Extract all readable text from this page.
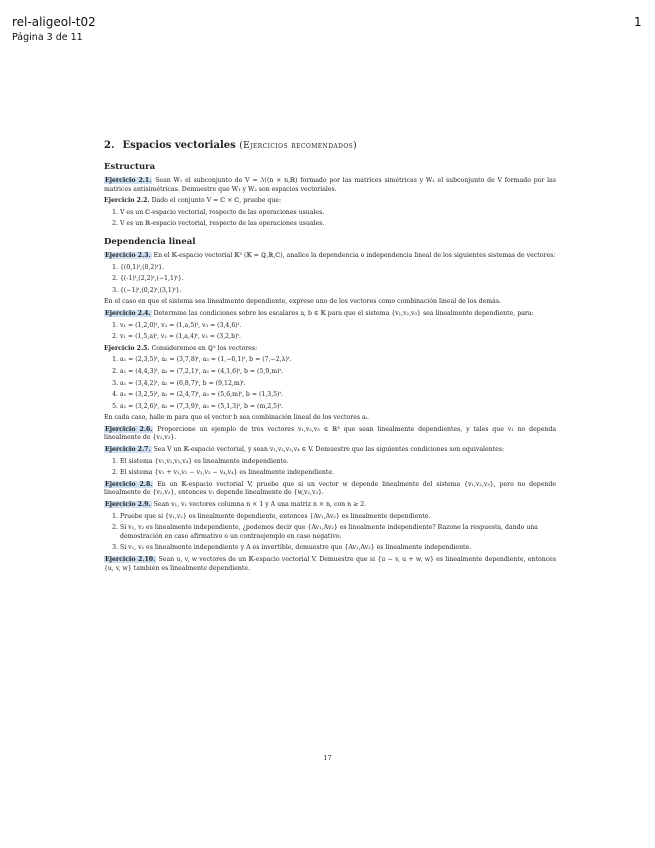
rel-aligeol-t02
Página 3 de 11
1
2. Espacios vectoriales (Ejercicios recomendados)
Estructura
Ejercicio 2.1. Sean W₁ el subconjunto de V = ℳ(n × n,ℝ) formado por las matrices simétricas y W₂ el subconjunto de V formado por las matrices antisimétricas. Demuestre que W₁ y W₂ son espacios vectoriales.
Ejercicio 2.2. Dado el conjunto V = ℂ × ℂ, pruebe que:
1. V es un ℂ-espacio vectorial, respecto de las operaciones usuales.
2. V es un ℝ-espacio vectorial, respecto de las operaciones usuales.
Dependencia lineal
Ejercicio 2.3. En el 𝕂-espacio vectorial 𝕂³ (𝕂 = ℚ,ℝ,ℂ), analice la dependencia o independencia lineal de los siguientes sistemas de vectores:
1. {(0,1)ᵗ,(0,2)ᵗ}.
2. {(-1)ᵗ,(2,2)ᵗ,(−1,1)ᵗ}.
3. {(−1)ᵗ,(0,2)ᵗ,(3,1)ᵗ}.
En el caso en que el sistema sea linealmente dependiente, exprese uno de los vectores como combinación lineal de los demás.
Ejercicio 2.4. Determine las condiciones sobre los escalares a, b ∈ 𝕂 para que el sistema {v₁,v₂,v₃} sea linealmente dependiente, para:
1. v₁ = (1,2,0)ᵗ, v₂ = (1,a,5)ᵗ, v₃ = (3,4,6)ᵗ.
2. v₁ = (1,5,a)ᵗ, v₂ = (1,a,4)ᵗ, v₃ = (3,2,b)ᵗ.
Ejercicio 2.5. Consideremos en ℚ³ los vectores:
1. a₁ = (2,3,5)ᵗ, a₂ = (3,7,8)ᵗ, a₃ = (1,−6,1)ᵗ, b = (7,−2,λ)ᵗ.
2. a₁ = (4,4,3)ᵗ, a₂ = (7,2,1)ᵗ, a₃ = (4,1,6)ᵗ, b = (5,9,m)ᵗ.
3. a₁ = (3,4,2)ᵗ, a₂ = (6,8,7)ᵗ, b = (9,12,m)ᵗ.
4. a₁ = (3,2,5)ᵗ, a₂ = (2,4,7)ᵗ, a₃ = (5,6,m)ᵗ, b = (1,3,5)ᵗ.
5. a₁ = (3,2,6)ᵗ, a₂ = (7,3,9)ᵗ, a₃ = (5,1,3)ᵗ, b = (m,2,5)ᵗ.
En cada caso, halle m para que el vector b sea combinación lineal de los vectores aᵢ.
Ejercicio 2.6. Proporcione un ejemplo de tres vectores v₁,v₂,v₃ ∈ ℝ³ que sean linealmente dependientes, y tales que v₁ no dependa linealmente de {v₂,v₃}.
Ejercicio 2.7. Sea V un 𝕂-espacio vectorial, y sean v₁,v₂,v₃,v₄ ∈ V. Demuestre que las siguientes condiciones son equivalentes:
1. El sistema {v₁,v₂,v₃,v₄} es linealmente independiente.
2. El sistema {v₁ + v₂,v₂ − v₃,v₃ − v₄,v₄} es linealmente independiente.
Ejercicio 2.8. En un 𝕂-espacio vectorial V, pruebe que si un vector w depende linealmente del sistema {v₁,v₂,v₃}, pero no depende linealmente de {v₂,v₃}, entonces v₁ depende linealmente de {w,v₂,v₃}.
Ejercicio 2.9. Sean v₁, v₂ vectores columna n × 1 y A una matriz n × n, con n ≥ 2.
1. Pruebe que si {v₁,v₂} es linealmente dependiente, entonces {Av₁,Av₂} es linealmente dependiente.
2. Si v₁, v₂ es linealmente independiente, ¿podemos decir que {Av₁,Av₂} es linealmente independiente? Razone la respuesta, dando una demostración en caso afirmativo o un contraejemplo en caso negativo.
3. Si v₁, v₂ es linealmente independiente y A es invertible, demuestre que {Av₁,Av₂} es linealmente independiente.
Ejercicio 2.10. Sean u, v, w vectores de un 𝕂-espacio vectorial V. Demuestre que si {u − v, u + w, w} es linealmente dependiente, entonces {u, v, w} también es linealmente dependiente.
17
